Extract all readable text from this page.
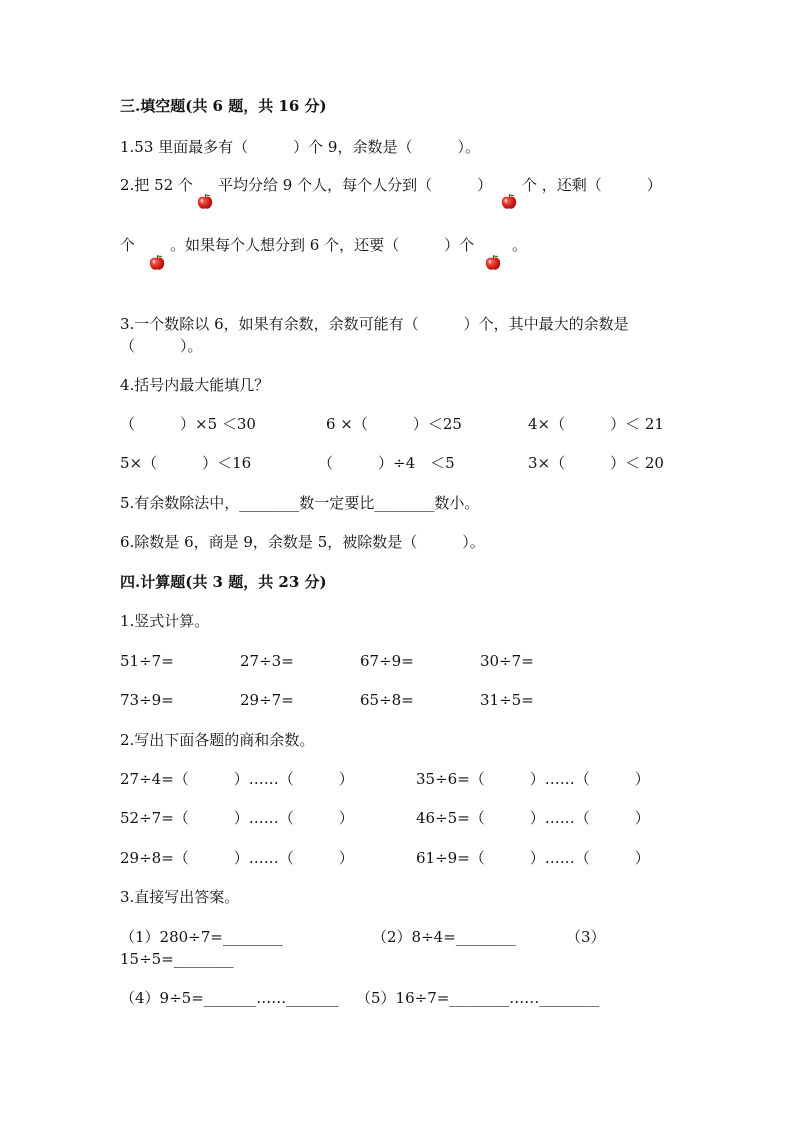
三.填空题(共 6 题，共 16 分)
1.53 里面最多有（　　　）个 9，余数是（　　　）。
2.把 52 个 平均分给 9 个人，每个人分到（　　　） 个 ，还剩（　　　）
个 。如果每个人想分到 6 个，还要（　　　）个	。
3.一个数除以 6，如果有余数，余数可能有（　　　）个，其中最大的余数是
（　　　）。
4.括号内最大能填几？
（　　　）×5 ＜30	6 ×（　　　）＜25	4×（　　　）＜ 21
5×（　　　）＜16	（　　　）÷4　＜5	3×（　　　）＜ 20
5.有余数除法中，________数一定要比________数小。
6.除数是 6，商是 9，余数是 5，被除数是（　　　）。
四.计算题(共 3 题，共 23 分)
1.竖式计算。
51÷7=	27÷3=	67÷9=	30÷7=
73÷9=	29÷7=	65÷8=	31÷5=
2.写出下面各题的商和余数。
27÷4=（　　　）……（　　　）	35÷6=（　　　）……（　　　）
52÷7=（　　　）……（　　　）	46÷5=（　　　）……（　　　）
29÷8=（　　　）……（　　　）	61÷9=（　　　）……（　　　）
3.直接写出答案。
（1）280÷7=________	（2）8÷4=________	（3）
15÷5=________
（4）9÷5=_______……_______ （5）16÷7=________……________
